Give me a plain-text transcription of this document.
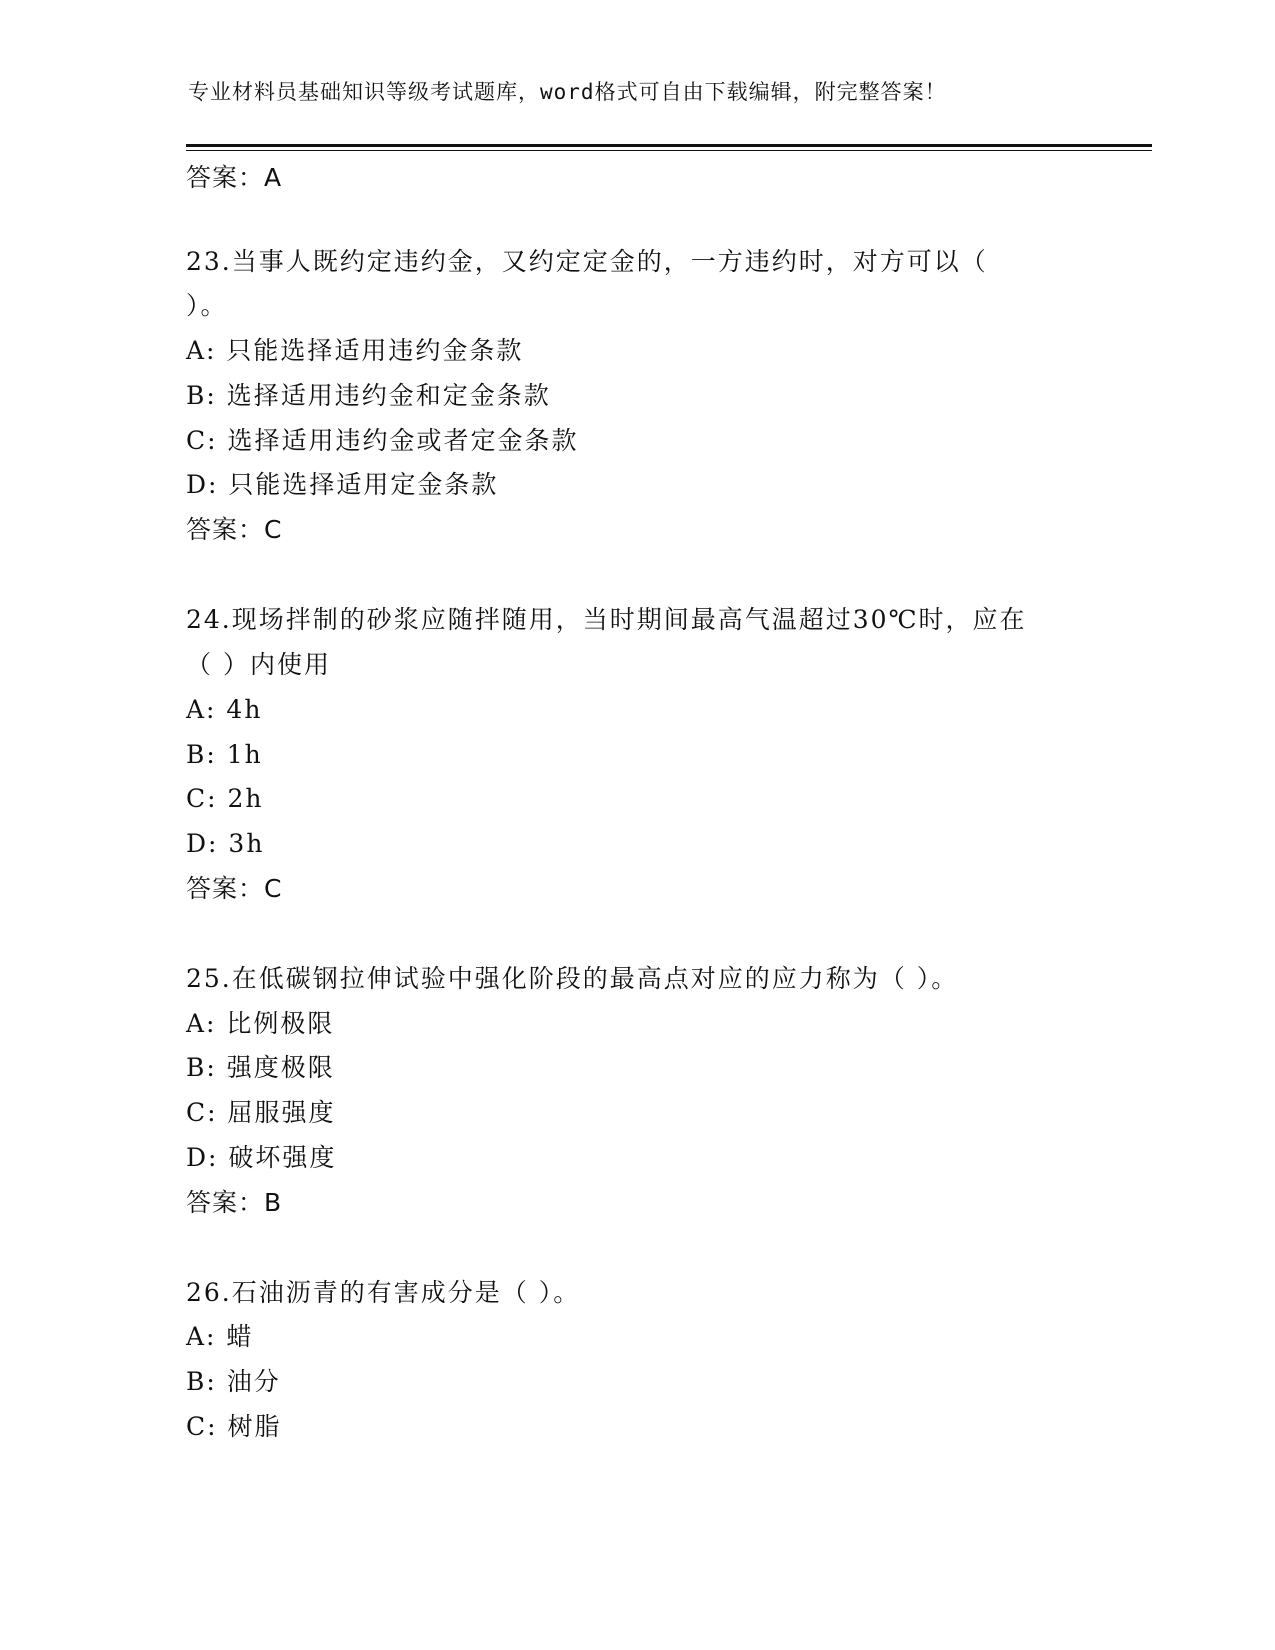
专业材料员基础知识等级考试题库，word格式可自由下载编辑，附完整答案！
答案：A
23.当事人既约定违约金，又约定定金的，一方违约时，对方可以（
）。
A: 只能选择适用违约金条款
B: 选择适用违约金和定金条款
C: 选择适用违约金或者定金条款
D: 只能选择适用定金条款
答案：C
24.现场拌制的砂浆应随拌随用，当时期间最高气温超过30℃时，应在
（ ）内使用
A: 4h
B: 1h
C: 2h
D: 3h
答案：C
25.在低碳钢拉伸试验中强化阶段的最高点对应的应力称为（ ）。
A: 比例极限
B: 强度极限
C: 屈服强度
D: 破坏强度
答案：B
26.石油沥青的有害成分是（ ）。
A: 蜡
B: 油分
C: 树脂
